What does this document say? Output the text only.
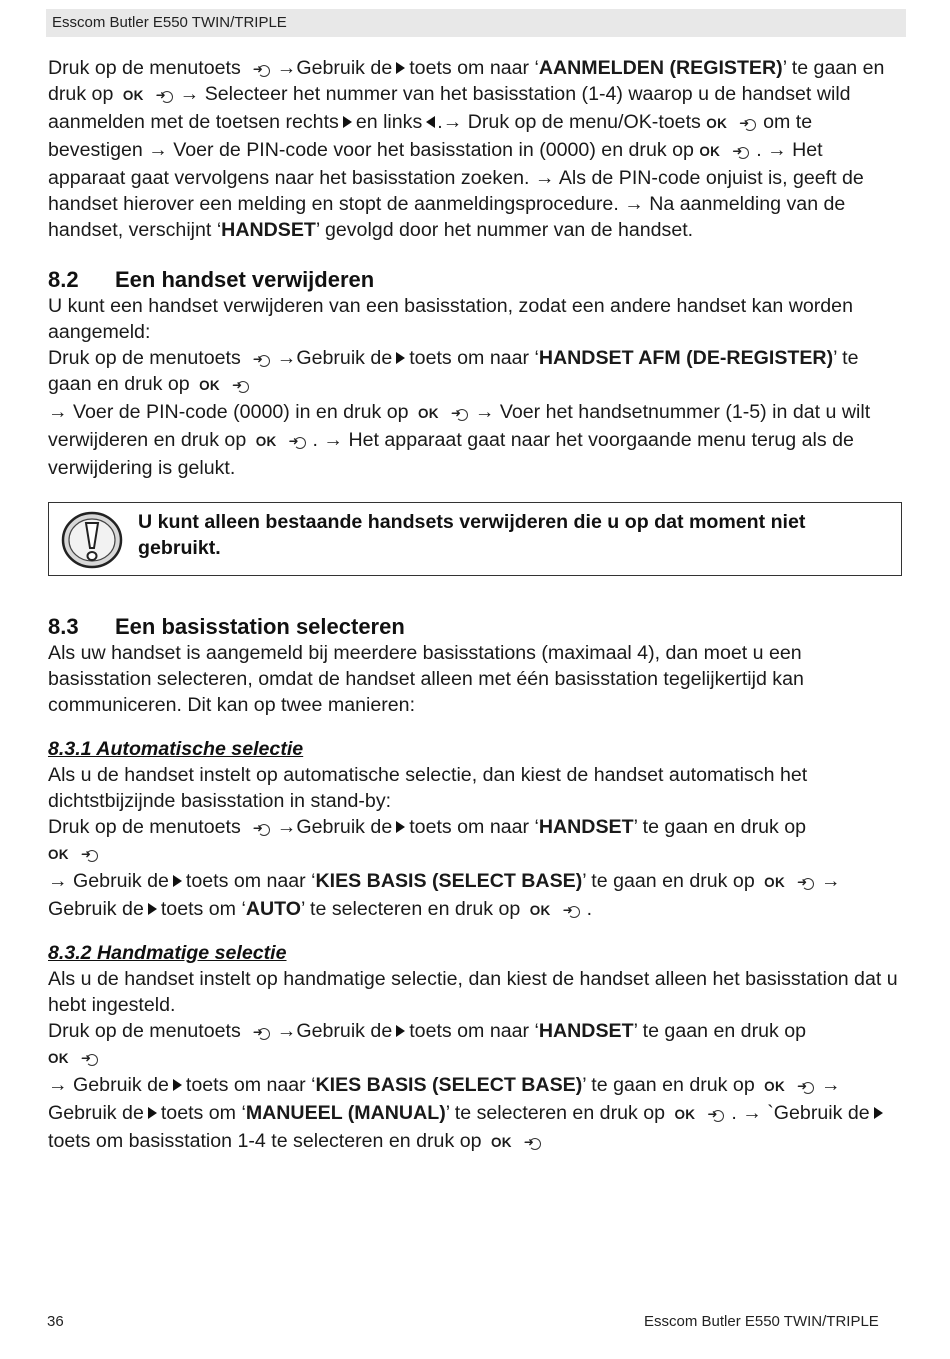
Esscom Butler E550 TWIN/TRIPLE

Druk op de menutoets ➜ →Gebruik de toets om naar ‘AANMELDEN (REGISTER)’ te gaan en druk op OK ➜ → Selecteer het nummer van het basisstation (1-4) waarop u de handset wild aanmelden met de toetsen rechts en links .→ Druk op de menu/OK-toets OK ➜ om te bevestigen → Voer de PIN-code voor het basisstation in (0000) en druk op OK ➜ . → Het apparaat gaat vervolgens naar het basisstation zoeken. → Als de PIN-code onjuist is, geeft de handset hierover een melding en stopt de aanmeldingsprocedure. → Na aanmelding van de handset, verschijnt ‘HANDSET’ gevolgd door het nummer van de handset.

8.2 Een handset verwijderen

U kunt een handset verwijderen van een basisstation, zodat een andere handset kan worden aangemeld:

Druk op de menutoets ➜ →Gebruik de toets om naar ‘HANDSET AFM (DE-REGISTER)’ te gaan en druk op OK ➜

→ Voer de PIN-code (0000) in en druk op OK ➜ → Voer het handsetnummer (1-5) in dat u wilt verwijderen en druk op OK ➜ . → Het apparaat gaat naar het voorgaande menu terug als de verwijdering is gelukt.

U kunt alleen bestaande handsets verwijderen die u op dat moment niet gebruikt.
8.3 Een basisstation selecteren

Als uw handset is aangemeld bij meerdere basisstations (maximaal 4), dan moet u een basisstation selecteren, omdat de handset alleen met één basisstation tegelijkertijd kan communiceren. Dit kan op twee manieren:

8.3.1 Automatische selectie

Als u de handset instelt op automatische selectie, dan kiest de handset automatisch het dichtstbijzijnde basisstation in stand-by:

Druk op de menutoets ➜ →Gebruik de toets om naar ‘HANDSET’ te gaan en druk op
OK ➜

→ Gebruik de toets om naar ‘KIES BASIS (SELECT BASE)’ te gaan en druk op OK ➜ →
Gebruik de toets om ‘AUTO’ te selecteren en druk op OK ➜ .

8.3.2 Handmatige selectie

Als u de handset instelt op handmatige selectie, dan kiest de handset alleen het basisstation dat u hebt ingesteld.

Druk op de menutoets ➜ →Gebruik de toets om naar ‘HANDSET’ te gaan en druk op
OK ➜

→ Gebruik de toets om naar ‘KIES BASIS (SELECT BASE)’ te gaan en druk op OK ➜ →
Gebruik de toets om ‘MANUEEL (MANUAL)’ te selecteren en druk op OK ➜ . → `Gebruik detoets om basisstation 1-4 te selecteren en druk op OK ➜

36	Esscom Butler E550 TWIN/TRIPLE
